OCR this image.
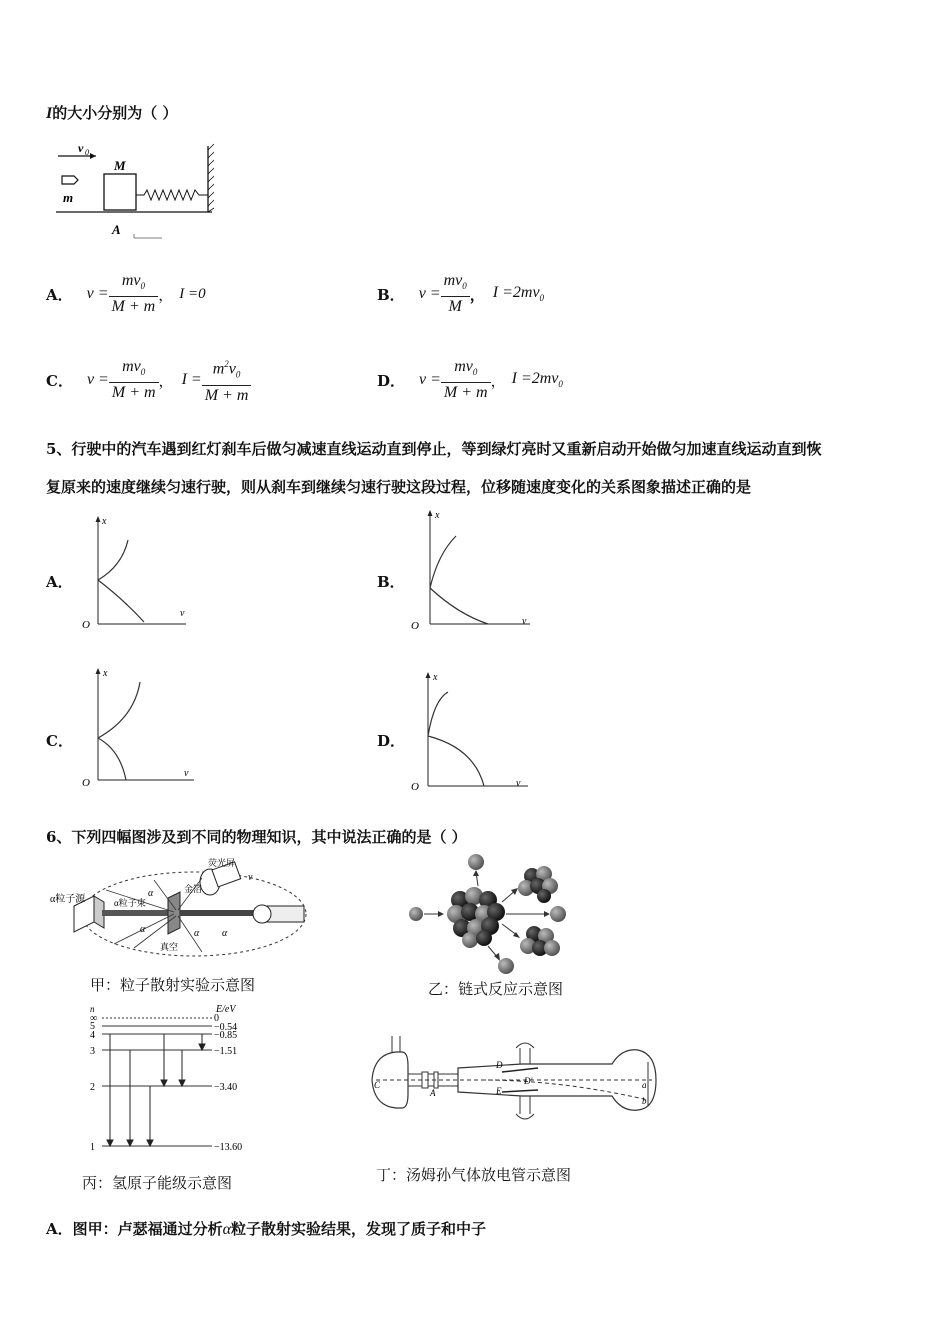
I的大小分别为（ ）
v 0
m
M
A
A． $v = \frac{mv_0}{M + m}$ ， I =0	B． $v = \frac{mv_0}{M}$ ， $I =2mv_0$
C． $v = \frac{mv_0}{M + m}$ ， $I = \frac{m^2v_0}{M + m}$	D． $v = \frac{mv_0}{M + m}$ ， $I =2mv_0$
5、行驶中的汽车遇到红灯刹车后做匀减速直线运动直到停止，等到绿灯亮时又重新启动开始做匀加速直线运动直到恢
复原来的速度继续匀速行驶，则从刹车到继续匀速行驶这段过程，位移随速度变化的关系图象描述正确的是
A．
x
v
O
B．
x
v
O
C．
x
v
O
D．
x
v
O
6、下列四幅图涉及到不同的物理知识，其中说法正确的是（ ）
α粒子源
荧光屏
α粒子束
金箔
真空
α
α	α α
v
甲：粒子散射实验示意图	乙：链式反应示意图
n	E/eV
∞
5
4
3
2
1
0
−0.54
−0.85
−1.51
−3.40
−13.60
丙：氢原子能级示意图
C
A
D
D'
E
a
b
丁：汤姆孙气体放电管示意图
A．图甲：卢瑟福通过分析α粒子散射实验结果，发现了质子和中子
